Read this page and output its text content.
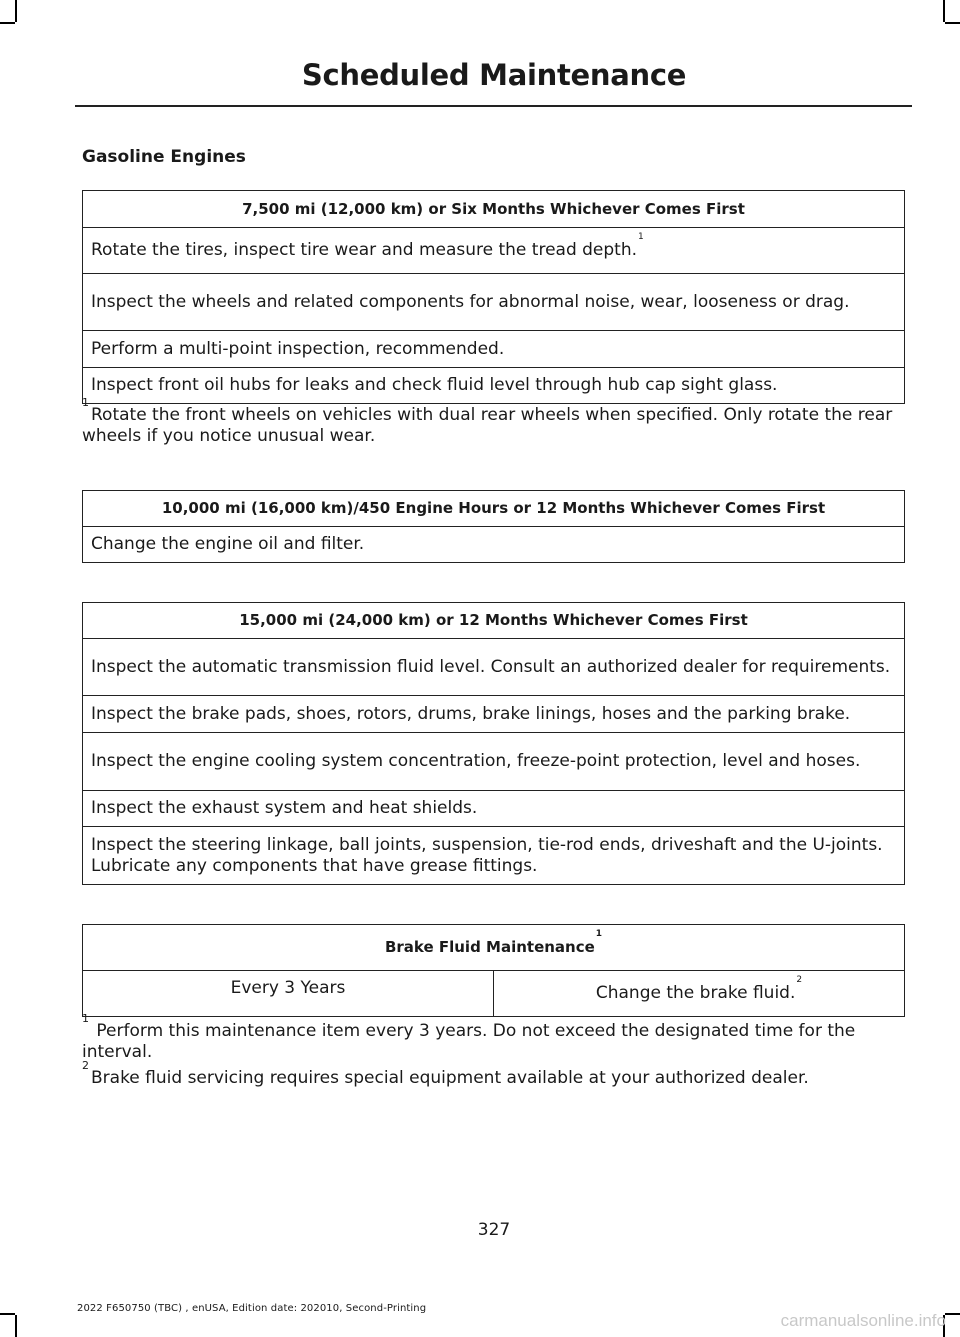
Scheduled Maintenance
Gasoline Engines
7,500 mi (12,000 km) or Six Months Whichever Comes First
Rotate the tires, inspect tire wear and measure the tread depth.$^1$
Inspect the wheels and related components for abnormal noise, wear, looseness or drag.
Perform a multi-point inspection, recommended.
Inspect front oil hubs for leaks and check fluid level through hub cap sight glass.
$^1$Rotate the front wheels on vehicles with dual rear wheels when specified. Only rotate the rear wheels if you notice unusual wear.
10,000 mi (16,000 km)/450 Engine Hours or 12 Months Whichever Comes First
Change the engine oil and filter.
15,000 mi (24,000 km) or 12 Months Whichever Comes First
Inspect the automatic transmission fluid level. Consult an authorized dealer for requirements.
Inspect the brake pads, shoes, rotors, drums, brake linings, hoses and the parking brake.
Inspect the engine cooling system concentration, freeze-point protection, level and hoses.
Inspect the exhaust system and heat shields.
Inspect the steering linkage, ball joints, suspension, tie-rod ends, driveshaft and the U-joints. Lubricate any components that have grease fittings.
Brake Fluid Maintenance$^1$
Every 3 Years	Change the brake fluid.$^2$
$^1$ Perform this maintenance item every 3 years. Do not exceed the designated time for the interval.
$^2$Brake fluid servicing requires special equipment available at your authorized dealer.
327
2022 F650750 (TBC) , enUSA, Edition date: 202010, Second-Printing
carmanualsonline.info
